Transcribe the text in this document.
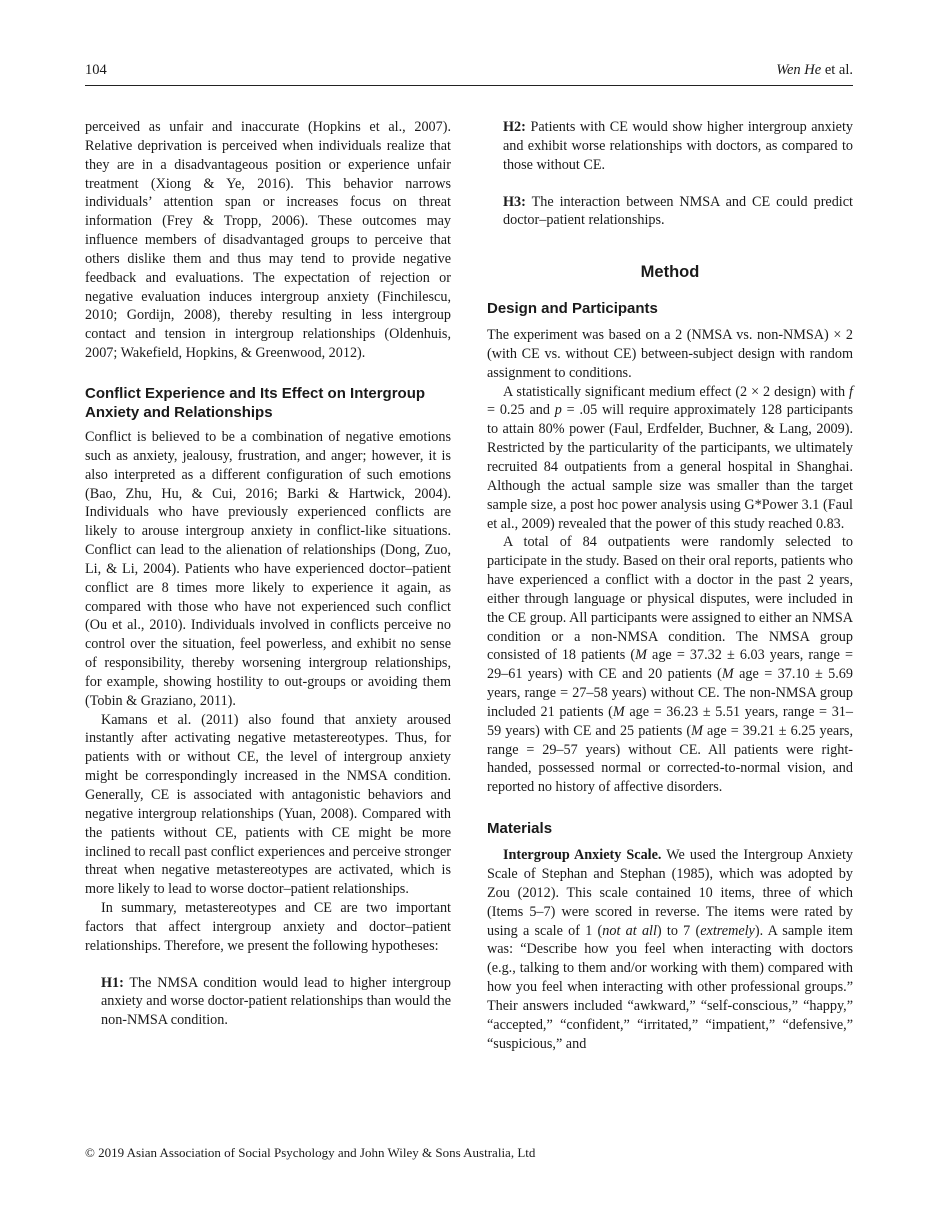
104	Wen He et al.

perceived as unfair and inaccurate (Hopkins et al., 2007). Relative deprivation is perceived when individuals realize that they are in a disadvantageous position or experience unfair treatment (Xiong & Ye, 2016). This behavior narrows individuals’ attention span or increases focus on threat information (Frey & Tropp, 2006). These outcomes may influence members of disadvantaged groups to perceive that others dislike them and thus may tend to provide negative feedback and evaluations. The expectation of rejection or negative evaluation induces intergroup anxiety (Finchilescu, 2010; Gordijn, 2008), thereby resulting in less intergroup contact and tension in intergroup relationships (Oldenhuis, 2007; Wakefield, Hopkins, & Greenwood, 2012).

Conflict Experience and Its Effect on Intergroup Anxiety and Relationships

Conflict is believed to be a combination of negative emotions such as anxiety, jealousy, frustration, and anger; however, it is also interpreted as a different configuration of such emotions (Bao, Zhu, Hu, & Cui, 2016; Barki & Hartwick, 2004). Individuals who have previously experienced conflicts are likely to arouse intergroup anxiety in conflict-like situations. Conflict can lead to the alienation of relationships (Dong, Zuo, Li, & Li, 2004). Patients who have experienced doctor–patient conflict are 8 times more likely to experience it again, as compared with those who have not experienced such conflict (Ou et al., 2010). Individuals involved in conflicts perceive no control over the situation, feel powerless, and exhibit no sense of responsibility, thereby worsening intergroup relationships, for example, showing hostility to out-groups or avoiding them (Tobin & Graziano, 2011).

Kamans et al. (2011) also found that anxiety aroused instantly after activating negative metastereotypes. Thus, for patients with or without CE, the level of intergroup anxiety might be correspondingly increased in the NMSA condition. Generally, CE is associated with antagonistic behaviors and negative intergroup relationships (Yuan, 2008). Compared with the patients without CE, patients with CE might be more inclined to recall past conflict experiences and perceive stronger threat when negative metastereotypes are activated, which is more likely to lead to worse doctor–patient relationships.

In summary, metastereotypes and CE are two important factors that affect intergroup anxiety and doctor–patient relationships. Therefore, we present the following hypotheses:

H1: The NMSA condition would lead to higher intergroup anxiety and worse doctor-patient relationships than would the non-NMSA condition.

H2: Patients with CE would show higher intergroup anxiety and exhibit worse relationships with doctors, as compared to those without CE.

H3: The interaction between NMSA and CE could predict doctor–patient relationships.

Method
Design and Participants

The experiment was based on a 2 (NMSA vs. non-NMSA) × 2 (with CE vs. without CE) between-subject design with random assignment to conditions.

A statistically significant medium effect (2 × 2 design) with f = 0.25 and p = .05 will require approximately 128 participants to attain 80% power (Faul, Erdfelder, Buchner, & Lang, 2009). Restricted by the particularity of the participants, we ultimately recruited 84 outpatients from a general hospital in Shanghai. Although the actual sample size was smaller than the target sample size, a post hoc power analysis using G*Power 3.1 (Faul et al., 2009) revealed that the power of this study reached 0.83.

A total of 84 outpatients were randomly selected to participate in the study. Based on their oral reports, patients who have experienced a conflict with a doctor in the past 2 years, either through language or physical disputes, were included in the CE group. All participants were assigned to either an NMSA condition or a non-NMSA condition. The NMSA group consisted of 18 patients (M age = 37.32 ± 6.03 years, range = 29–61 years) with CE and 20 patients (M age = 37.10 ± 5.69 years, range = 27–58 years) without CE. The non-NMSA group included 21 patients (M age = 36.23 ± 5.51 years, range = 31–59 years) with CE and 25 patients (M age = 39.21 ± 6.25 years, range = 29–57 years) without CE. All patients were right-handed, possessed normal or corrected-to-normal vision, and reported no history of affective disorders.

Materials

Intergroup Anxiety Scale. We used the Intergroup Anxiety Scale of Stephan and Stephan (1985), which was adopted by Zou (2012). This scale contained 10 items, three of which (Items 5–7) were scored in reverse. The items were rated by using a scale of 1 (not at all) to 7 (extremely). A sample item was: “Describe how you feel when interacting with doctors (e.g., talking to them and/or working with them) compared with how you feel when interacting with other professional groups.” Their answers included “awkward,” “self-conscious,” “happy,” “accepted,” “confident,” “irritated,” “impatient,” “defensive,” “suspicious,” and

© 2019 Asian Association of Social Psychology and John Wiley & Sons Australia, Ltd
